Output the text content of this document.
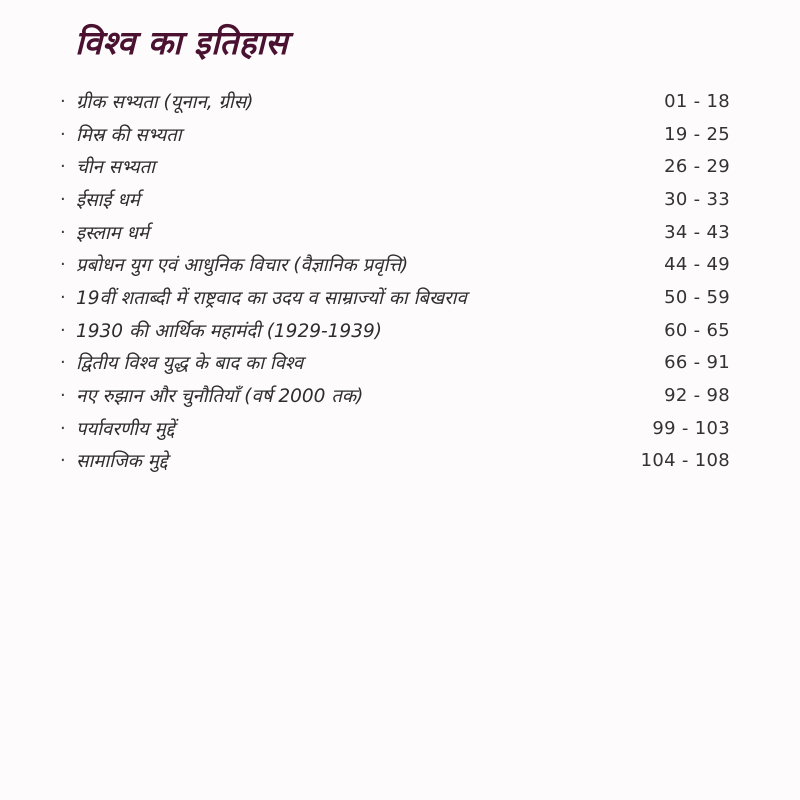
विश्व का इतिहास
· ग्रीक सभ्यता (यूनान, ग्रीस)	01 - 18
· मिस्र की सभ्यता	19 - 25
· चीन सभ्यता	26 - 29
· ईसाई धर्म	30 - 33
· इस्लाम धर्म	34 - 43
· प्रबोधन युग एवं आधुनिक विचार (वैज्ञानिक प्रवृत्ति)	44 - 49
· 19वीं शताब्दी में राष्ट्रवाद का उदय व साम्राज्यों का बिखराव	50 - 59
· 1930 की आर्थिक महामंदी (1929-1939)	60 - 65
· द्वितीय विश्व युद्ध के बाद का विश्व	66 - 91
· नए रुझान और चुनौतियाँ (वर्ष 2000 तक)	92 - 98
· पर्यावरणीय मुद्दें	99 - 103
· सामाजिक मुद्दे	104 - 108
